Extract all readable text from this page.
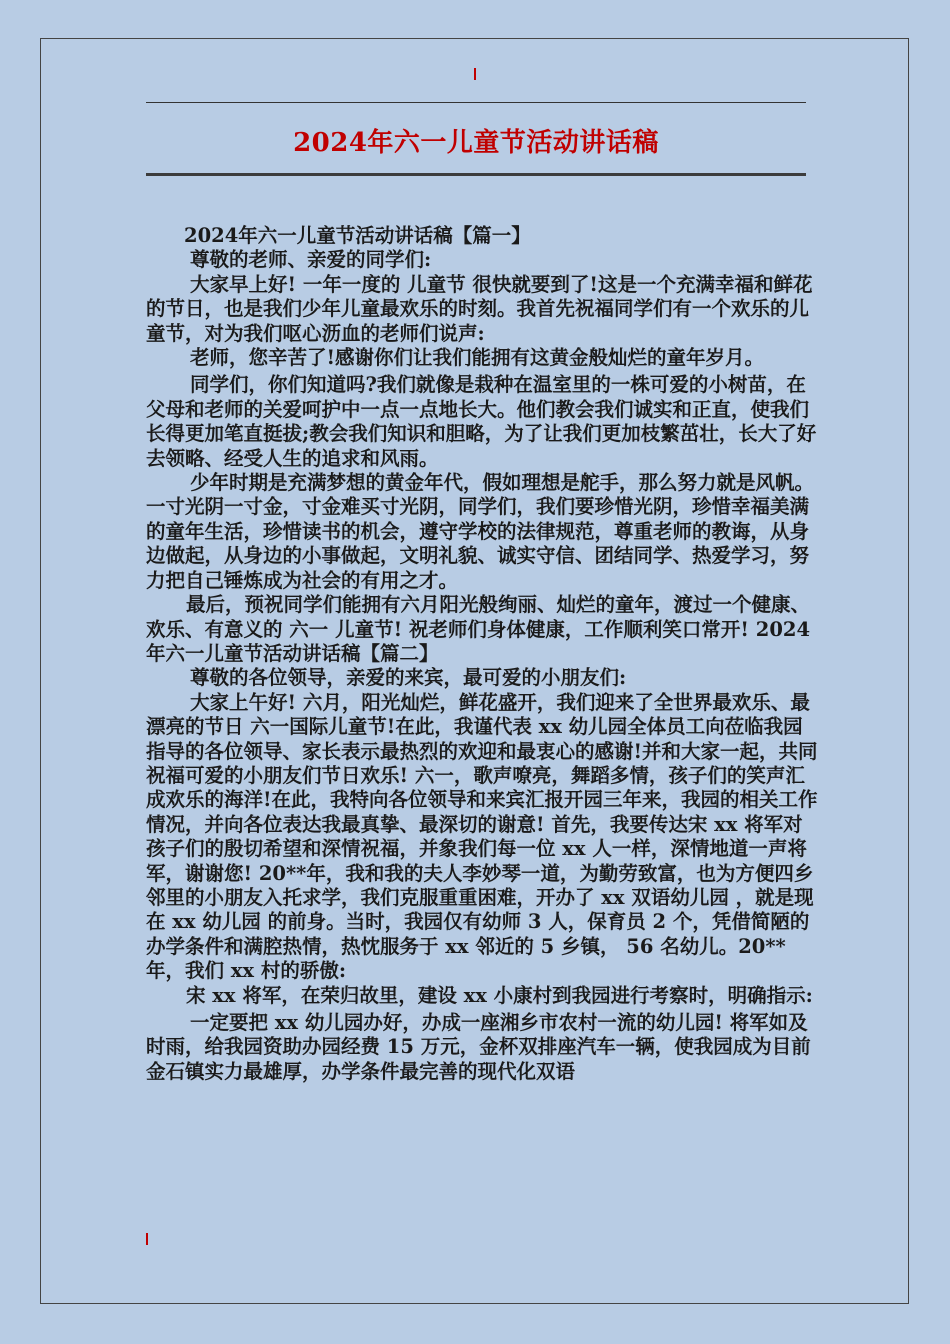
2024年六一儿童节活动讲话稿

2024年六一儿童节活动讲话稿【篇一】

尊敬的老师、亲爱的同学们:

大家早上好! 一年一度的 儿童节 很快就要到了!这是一个充满幸福和鲜花的节日，也是我们少年儿童最欢乐的时刻。我首先祝福同学们有一个欢乐的儿童节，对为我们呕心沥血的老师们说声:

老师，您辛苦了!感谢你们让我们能拥有这黄金般灿烂的童年岁月。

同学们，你们知道吗?我们就像是栽种在温室里的一株可爱的小树苗，在父母和老师的关爱呵护中一点一点地长大。他们教会我们诚实和正直，使我们长得更加笔直挺拔;教会我们知识和胆略，为了让我们更加枝繁茁壮，长大了好去领略、经受人生的追求和风雨。

少年时期是充满梦想的黄金年代，假如理想是舵手，那么努力就是风帆。一寸光阴一寸金，寸金难买寸光阴，同学们，我们要珍惜光阴，珍惜幸福美满的童年生活，珍惜读书的机会，遵守学校的法律规范，尊重老师的教诲，从身边做起，从身边的小事做起，文明礼貌、诚实守信、团结同学、热爱学习，努力把自己锤炼成为社会的有用之才。

最后，预祝同学们能拥有六月阳光般绚丽、灿烂的童年，渡过一个健康、欢乐、有意义的 六一 儿童节! 祝老师们身体健康，工作顺利笑口常开! 2024年六一儿童节活动讲话稿【篇二】

尊敬的各位领导，亲爱的来宾，最可爱的小朋友们:

大家上午好! 六月，阳光灿烂，鲜花盛开，我们迎来了全世界最欢乐、最漂亮的节日 六一国际儿童节!在此，我谨代表 xx 幼儿园全体员工向莅临我园指导的各位领导、家长表示最热烈的欢迎和最衷心的感谢!并和大家一起，共同祝福可爱的小朋友们节日欢乐! 六一，歌声嘹亮，舞蹈多情，孩子们的笑声汇成欢乐的海洋!在此，我特向各位领导和来宾汇报开园三年来，我园的相关工作情况，并向各位表达我最真挚、最深切的谢意! 首先，我要传达宋 xx 将军对孩子们的殷切希望和深情祝福，并象我们每一位 xx 人一样，深情地道一声将军，谢谢您! 20**年，我和我的夫人李妙琴一道，为勤劳致富，也为方便四乡邻里的小朋友入托求学，我们克服重重困难，开办了 xx 双语幼儿园 ，就是现在 xx 幼儿园 的前身。当时，我园仅有幼师 3 人，保育员 2 个，凭借简陋的办学条件和满腔热情，热忱服务于 xx 邻近的 5 乡镇， 56 名幼儿。20**年，我们 xx 村的骄傲:

宋 xx 将军，在荣归故里，建设 xx 小康村到我园进行考察时，明确指示:

一定要把 xx 幼儿园办好，办成一座湘乡市农村一流的幼儿园! 将军如及时雨，给我园资助办园经费 15 万元，金杯双排座汽车一辆，使我园成为目前金石镇实力最雄厚，办学条件最完善的现代化双语
